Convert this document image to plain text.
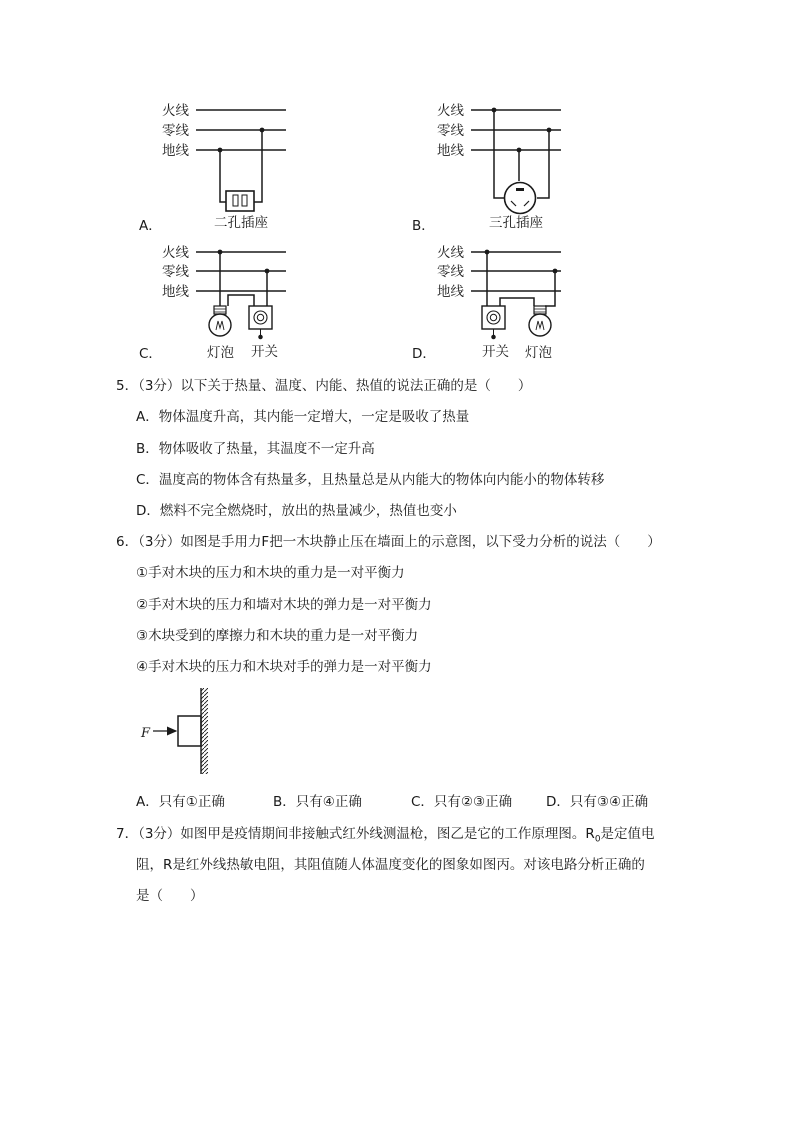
火线
零线
地线
火线
零线
地线
火线
零线
地线
火线
零线
地线
二孔插座	三孔插座
灯泡 开关	开关 灯泡
A．	B．
C．	D．
5．（3分）以下关于热量、温度、内能、热值的说法正确的是（　　）
A．物体温度升高，其内能一定增大，一定是吸收了热量
B．物体吸收了热量，其温度不一定升高
C．温度高的物体含有热量多，且热量总是从内能大的物体向内能小的物体转移
D．燃料不完全燃烧时，放出的热量减少，热值也变小
6．（3分）如图是手用力F把一木块静止压在墙面上的示意图，以下受力分析的说法（　　）
①手对木块的压力和木块的重力是一对平衡力
②手对木块的压力和墙对木块的弹力是一对平衡力
③木块受到的摩擦力和木块的重力是一对平衡力
④手对木块的压力和木块对手的弹力是一对平衡力
F
A．只有①正确	B．只有④正确	C．只有②③正确	D．只有③④正确
7．（3分）如图甲是疫情期间非接触式红外线测温枪，图乙是它的工作原理图。$R_0$是定值电
阻，R是红外线热敏电阻，其阻值随人体温度变化的图象如图丙。对该电路分析正确的
是（　　）
